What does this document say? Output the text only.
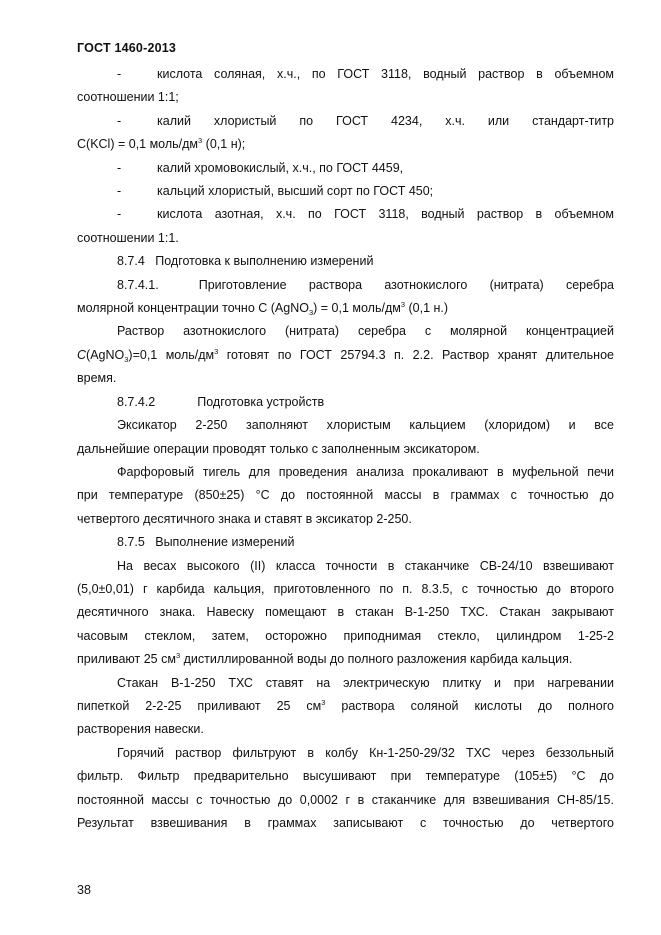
ГОСТ 1460-2013
-	кислота соляная, х.ч., по ГОСТ 3118, водный раствор в объемном
соотношении 1:1;
-	калий хлористый по ГОСТ 4234, х.ч. или стандарт-титр
C(KCl) = 0,1 моль/$дм^3$ (0,1 н);
-	калий хромовокислый, х.ч., по ГОСТ 4459,
-	кальций хлористый, высший сорт по ГОСТ 450;
-	кислота азотная, х.ч. по ГОСТ 3118, водный раствор в объемном
соотношении 1:1.
8.7.4 Подготовка к выполнению измерений
8.7.4.1.	Приготовление раствора азотнокислого (нитрата) серебра
молярной концентрации точно C (AgNO$_3$) = 0,1 моль/$дм^3$ (0,1 н.)
Раствор азотнокислого (нитрата) серебра с молярной концентрацией
C(AgNO$_3$)=0,1 моль/$дм^3$ готовят по ГОСТ 25794.3 п. 2.2. Раствор хранят длительное
время.
8.7.4.2	Подготовка устройств
Эксикатор 2-250 заполняют хлористым кальцием (хлоридом) и все
дальнейшие операции проводят только с заполненным эксикатором.
Фарфоровый тигель для проведения анализа прокаливают в муфельной печи
при температуре (850±25) °С до постоянной массы в граммах с точностью до
четвертого десятичного знака и ставят в эксикатор 2-250.
8.7.5 Выполнение измерений
На весах высокого (II) класса точности в стаканчике СВ-24/10 взвешивают
(5,0±0,01) г карбида кальция, приготовленного по п. 8.3.5, с точностью до второго
десятичного знака. Навеску помещают в стакан В-1-250 ТХС. Стакан закрывают
часовым стеклом, затем, осторожно приподнимая стекло, цилиндром 1-25-2
приливают 25 $см^3$ дистиллированной воды до полного разложения карбида кальция.
Стакан В-1-250 ТХС ставят на электрическую плитку и при нагревании
пипеткой 2-2-25 приливают 25 $см^3$ раствора соляной кислоты до полного
растворения навески.
Горячий раствор фильтруют в колбу Кн-1-250-29/32 ТХС через беззольный
фильтр. Фильтр предварительно высушивают при температуре (105±5) °С до
постоянной массы с точностью до 0,0002 г в стаканчике для взвешивания СН-85/15.
Результат взвешивания в граммах записывают с точностью до четвертого
38
